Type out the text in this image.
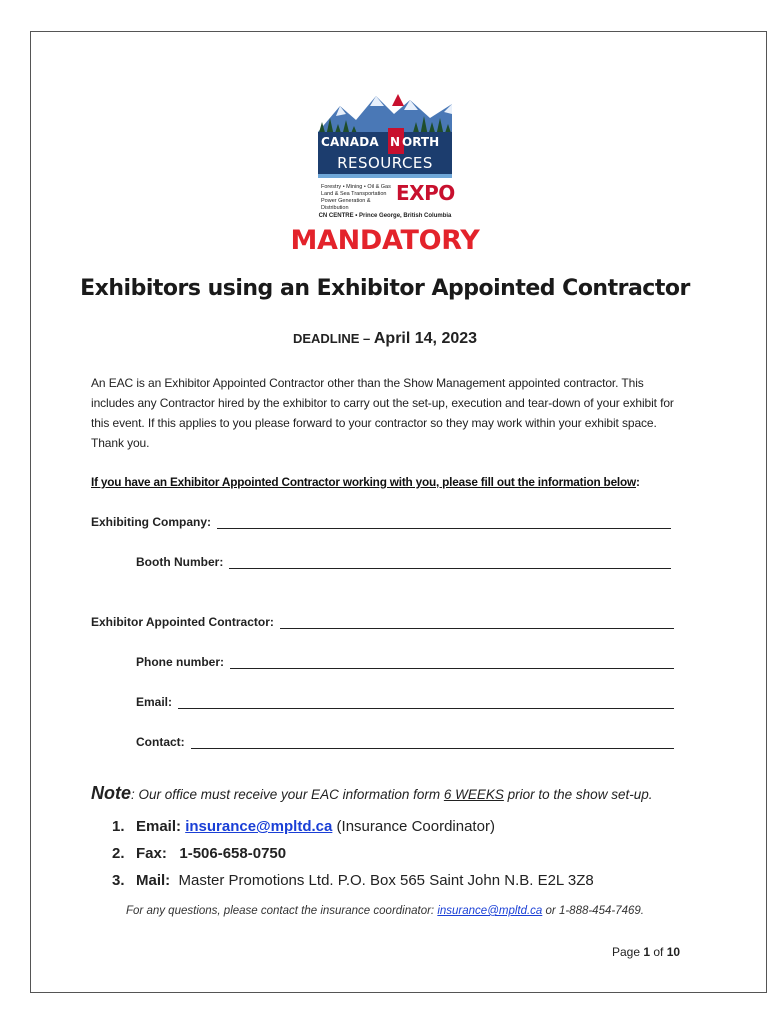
CANADA N ORTH
RESOURCES
Forestry • Mining • Oil & Gas
Land & Sea Transportation
Power Generation & Distribution
EXPO
CN CENTRE • Prince George, British Columbia
MANDATORY
Exhibitors using an Exhibitor Appointed Contractor
DEADLINE – April 14, 2023
An EAC is an Exhibitor Appointed Contractor other than the Show Management appointed contractor. This includes any Contractor hired by the exhibitor to carry out the set-up, execution and tear-down of your exhibit for this event. If this applies to you please forward to your contractor so they may work within your exhibit space. Thank you.
If you have an Exhibitor Appointed Contractor working with you, please fill out the information below:
Exhibiting Company:
Booth Number:
Exhibitor Appointed Contractor:
Phone number:
Email:
Contact:
Note: Our office must receive your EAC information form 6 WEEKS prior to the show set-up.
1. Email: insurance@mpltd.ca (Insurance Coordinator)
2. Fax: 1-506-658-0750
3. Mail: Master Promotions Ltd. P.O. Box 565 Saint John N.B. E2L 3Z8
For any questions, please contact the insurance coordinator: insurance@mpltd.ca or 1-888-454-7469.
Page 1 of 10
